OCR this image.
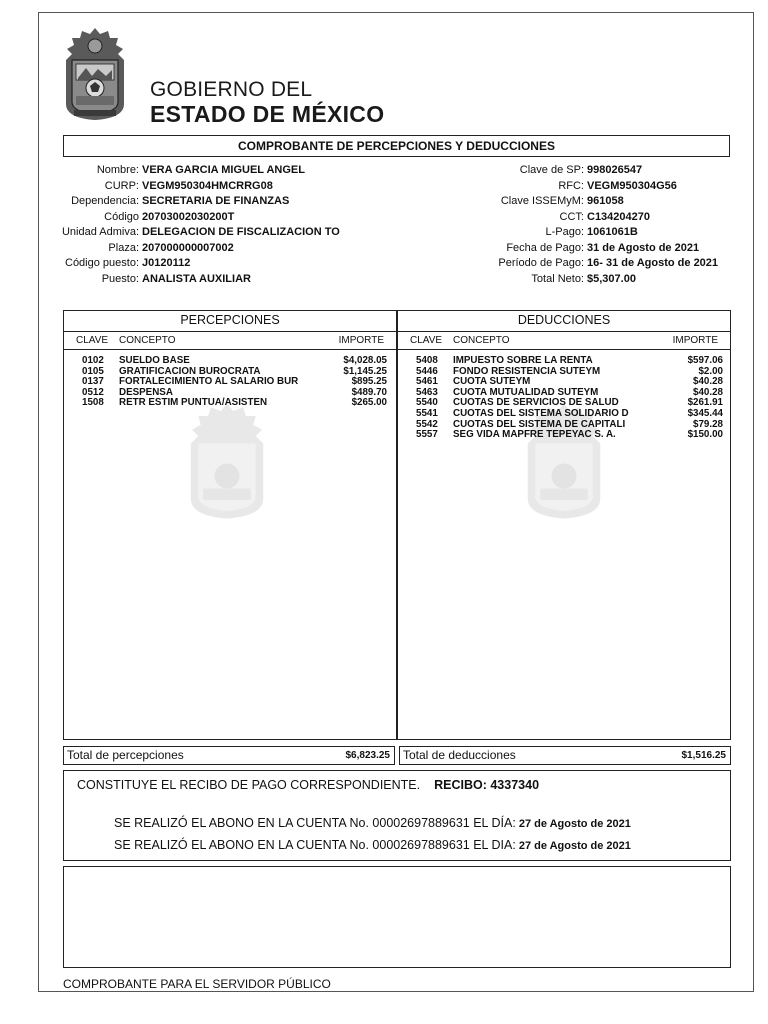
GOBIERNO DEL
ESTADO DE MÉXICO
COMPROBANTE DE PERCEPCIONES Y DEDUCCIONES
Nombre: VERA GARCIA MIGUEL ANGEL
CURP: VEGM950304HMCRRG08
Dependencia: SECRETARIA DE FINANZAS
Código 20703002030200T
Unidad Admiva: DELEGACION DE FISCALIZACION TO
Plaza: 207000000007002
Código puesto: J0120112
Puesto: ANALISTA AUXILIAR
Clave de SP: 998026547
RFC: VEGM950304G56
Clave ISSEMyM: 961058
CCT: C134204270
L-Pago: 1061061B
Fecha de Pago: 31 de Agosto de 2021
Período de Pago: 16- 31 de Agosto de 2021
Total Neto: $5,307.00
PERCEPCIONES
CLAVE CONCEPTO	IMPORTE
0102 SUELDO BASE	$4,028.05
0105 GRATIFICACION BUROCRATA	$1,145.25
0137 FORTALECIMIENTO AL SALARIO BUR	$895.25
0512 DESPENSA	$489.70
1508 RETR ESTIM PUNTUA/ASISTEN	$265.00
DEDUCCIONES
CLAVE CONCEPTO	IMPORTE
5408 IMPUESTO SOBRE LA RENTA	$597.06
5446 FONDO RESISTENCIA SUTEYM	$2.00
5461 CUOTA SUTEYM	$40.28
5463 CUOTA MUTUALIDAD SUTEYM	$40.28
5540 CUOTAS DE SERVICIOS DE SALUD	$261.91
5541 CUOTAS DEL SISTEMA SOLIDARIO D	$345.44
5542 CUOTAS DEL SISTEMA DE CAPITALI	$79.28
5557 SEG VIDA MAPFRE TEPEYAC S. A.	$150.00
Total de percepciones	$6,823.25 Total de deducciones	$1,516.25
CONSTITUYE EL RECIBO DE PAGO CORRESPONDIENTE. RECIBO: 4337340
SE REALIZÓ EL ABONO EN LA CUENTA No. 00002697889631 EL DÍA: 27 de Agosto de 2021
SE REALIZÓ EL ABONO EN LA CUENTA No. 00002697889631 EL DIA: 27 de Agosto de 2021
COMPROBANTE PARA EL SERVIDOR PÚBLICO
